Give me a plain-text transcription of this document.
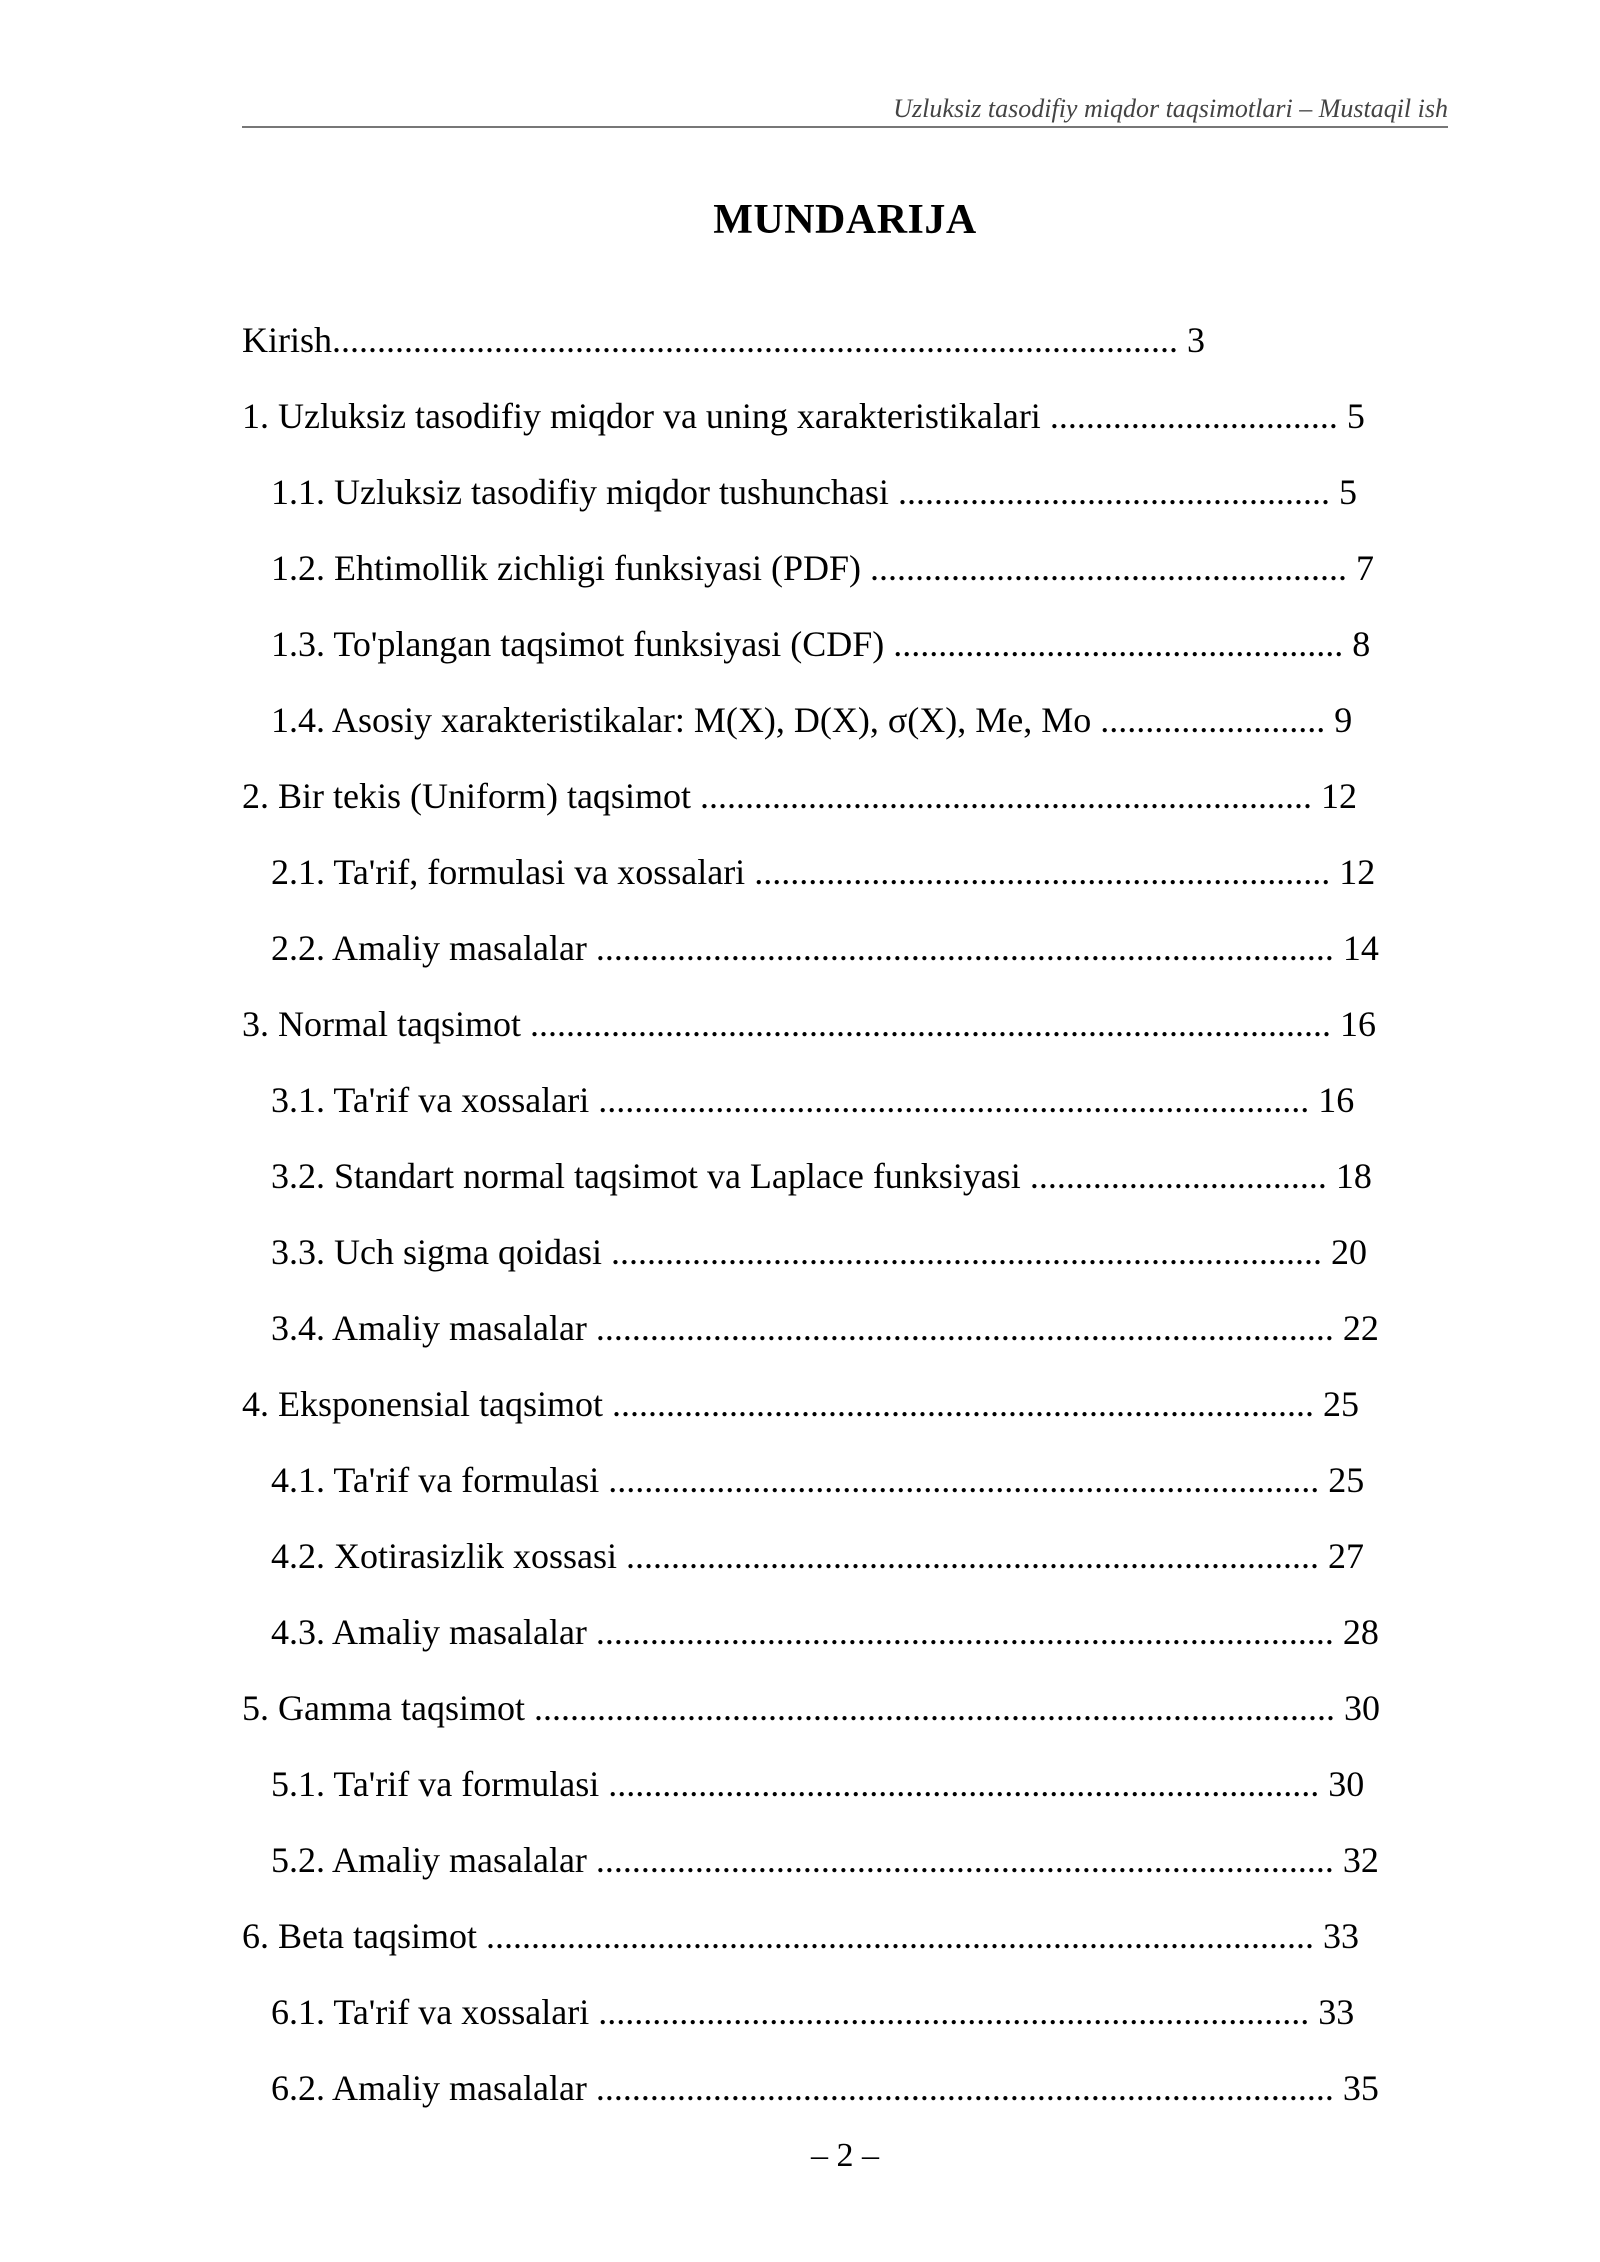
Uzluksiz tasodifiy miqdor taqsimotlari – Mustaqil ish
MUNDARIJA
Kirish.............................................................................................. 3
1. Uzluksiz tasodifiy miqdor va uning xarakteristikalari ................................ 5
1.1. Uzluksiz tasodifiy miqdor tushunchasi ................................................ 5
1.2. Ehtimollik zichligi funksiyasi (PDF) ..................................................... 7
1.3. To'plangan taqsimot funksiyasi (CDF) .................................................. 8
1.4. Asosiy xarakteristikalar: M(X), D(X), σ(X), Me, Mo ......................... 9
2. Bir tekis (Uniform) taqsimot .................................................................... 12
2.1. Ta'rif, formulasi va xossalari ................................................................ 12
2.2. Amaliy masalalar .................................................................................. 14
3. Normal taqsimot ......................................................................................... 16
3.1. Ta'rif va xossalari ............................................................................... 16
3.2. Standart normal taqsimot va Laplace funksiyasi ................................. 18
3.3. Uch sigma qoidasi ............................................................................... 20
3.4. Amaliy masalalar .................................................................................. 22
4. Eksponensial taqsimot .............................................................................. 25
4.1. Ta'rif va formulasi ............................................................................... 25
4.2. Xotirasizlik xossasi ............................................................................. 27
4.3. Amaliy masalalar .................................................................................. 28
5. Gamma taqsimot ......................................................................................... 30
5.1. Ta'rif va formulasi ............................................................................... 30
5.2. Amaliy masalalar .................................................................................. 32
6. Beta taqsimot ............................................................................................ 33
6.1. Ta'rif va xossalari ............................................................................... 33
6.2. Amaliy masalalar .................................................................................. 35
– 2 –
